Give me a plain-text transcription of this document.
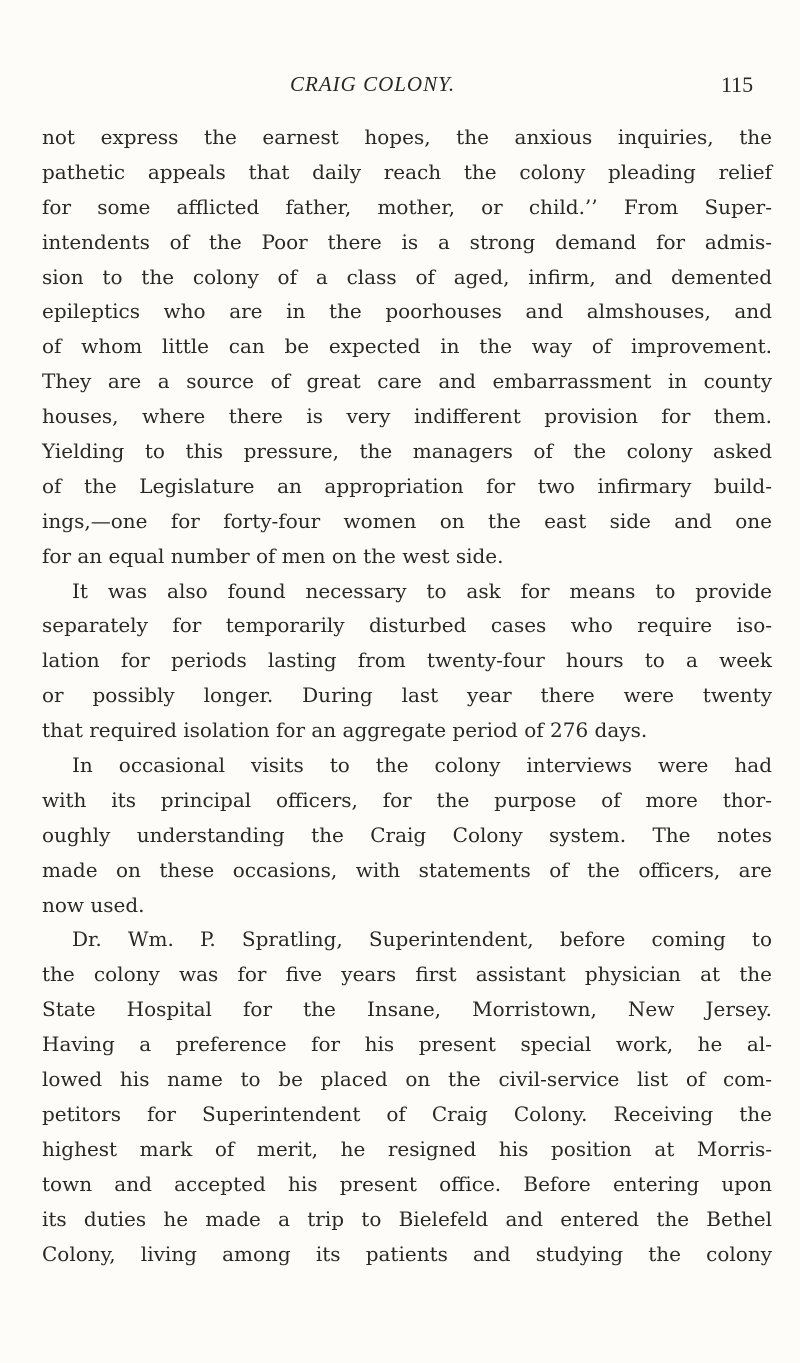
CRAIG COLONY.	115
not express the earnest hopes, the anxious inquiries, the
pathetic appeals that daily reach the colony pleading relief
for some afflicted father, mother, or child.’’ From Super-
intendents of the Poor there is a strong demand for admis-
sion to the colony of a class of aged, infirm, and demented
epileptics who are in the poorhouses and almshouses, and
of whom little can be expected in the way of improvement.
They are a source of great care and embarrassment in county
houses, where there is very indifferent provision for them.
Yielding to this pressure, the managers of the colony asked
of the Legislature an appropriation for two infirmary build-
ings,—one for forty-four women on the east side and one
for an equal number of men on the west side.
It was also found necessary to ask for means to provide
separately for temporarily disturbed cases who require iso-
lation for periods lasting from twenty-four hours to a week
or possibly longer. During last year there were twenty
that required isolation for an aggregate period of 276 days.
In occasional visits to the colony interviews were had
with its principal officers, for the purpose of more thor-
oughly understanding the Craig Colony system. The notes
made on these occasions, with statements of the officers, are
now used.
Dr. Wm. P. Spratling, Superintendent, before coming to
the colony was for five years first assistant physician at the
State Hospital for the Insane, Morristown, New Jersey.
Having a preference for his present special work, he al-
lowed his name to be placed on the civil-service list of com-
petitors for Superintendent of Craig Colony. Receiving the
highest mark of merit, he resigned his position at Morris-
town and accepted his present office. Before entering upon
its duties he made a trip to Bielefeld and entered the Bethel
Colony, living among its patients and studying the colony
